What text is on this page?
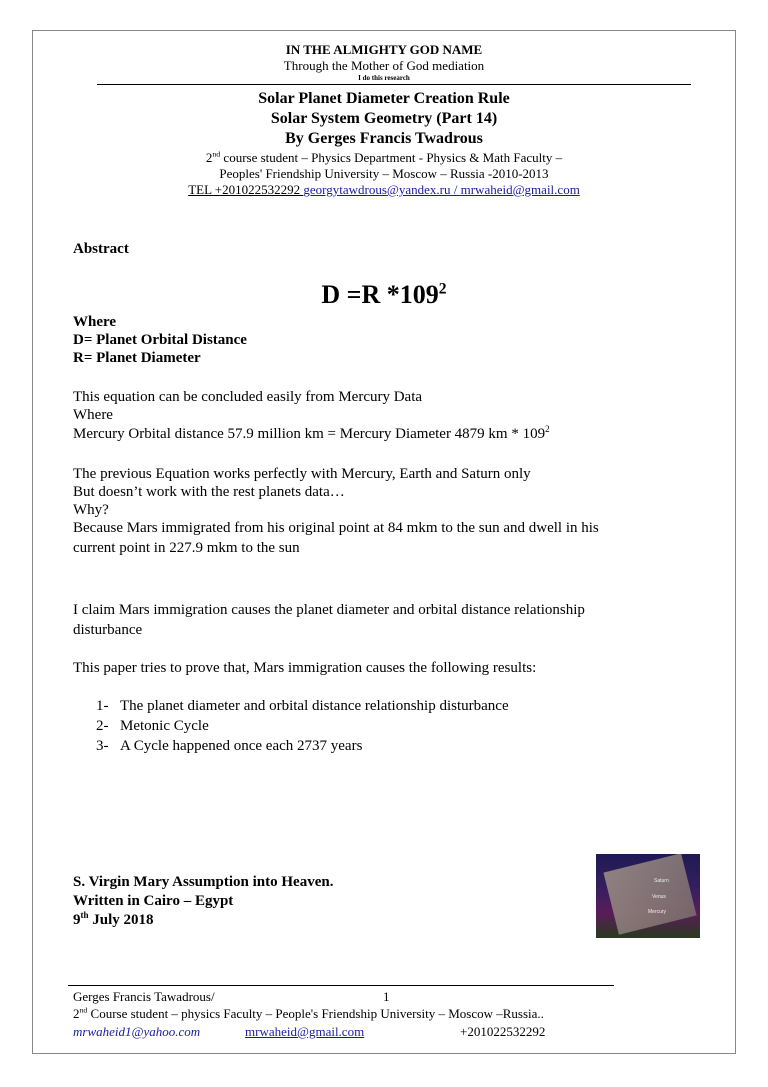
IN THE ALMIGHTY GOD NAME
Through the Mother of God mediation
I do this research
Solar Planet Diameter Creation Rule
Solar System Geometry (Part 14)
By Gerges Francis Twadrous
2nd course student – Physics Department - Physics & Math Faculty –
Peoples' Friendship University – Moscow – Russia -2010-2013
TEL +201022532292 georgytawdrous@yandex.ru / mrwaheid@gmail.com
Abstract
D =R $*109^2$
Where
D= Planet Orbital Distance
R= Planet Diameter
This equation can be concluded easily from Mercury Data
Where
Mercury Orbital distance 57.9 million km = Mercury Diameter 4879 km * $109^2$
The previous Equation works perfectly with Mercury, Earth and Saturn only
But doesn’t work with the rest planets data…
Why?
Because Mars immigrated from his original point at 84 mkm to the sun and dwell in his
current point in 227.9 mkm to the sun
I claim Mars immigration causes the planet diameter and orbital distance relationship
disturbance
This paper tries to prove that, Mars immigration causes the following results:
1- The planet diameter and orbital distance relationship disturbance
2- Metonic Cycle
3- A Cycle happened once each 2737 years
S. Virgin Mary Assumption into Heaven.
Written in Cairo – Egypt
9th July 2018
Saturn
Venus
Mercury
Gerges Francis Tawadrous/	1
2nd Course student – physics Faculty – People's Friendship University – Moscow –Russia..
mrwaheid1@yahoo.com	mrwaheid@gmail.com	+201022532292
